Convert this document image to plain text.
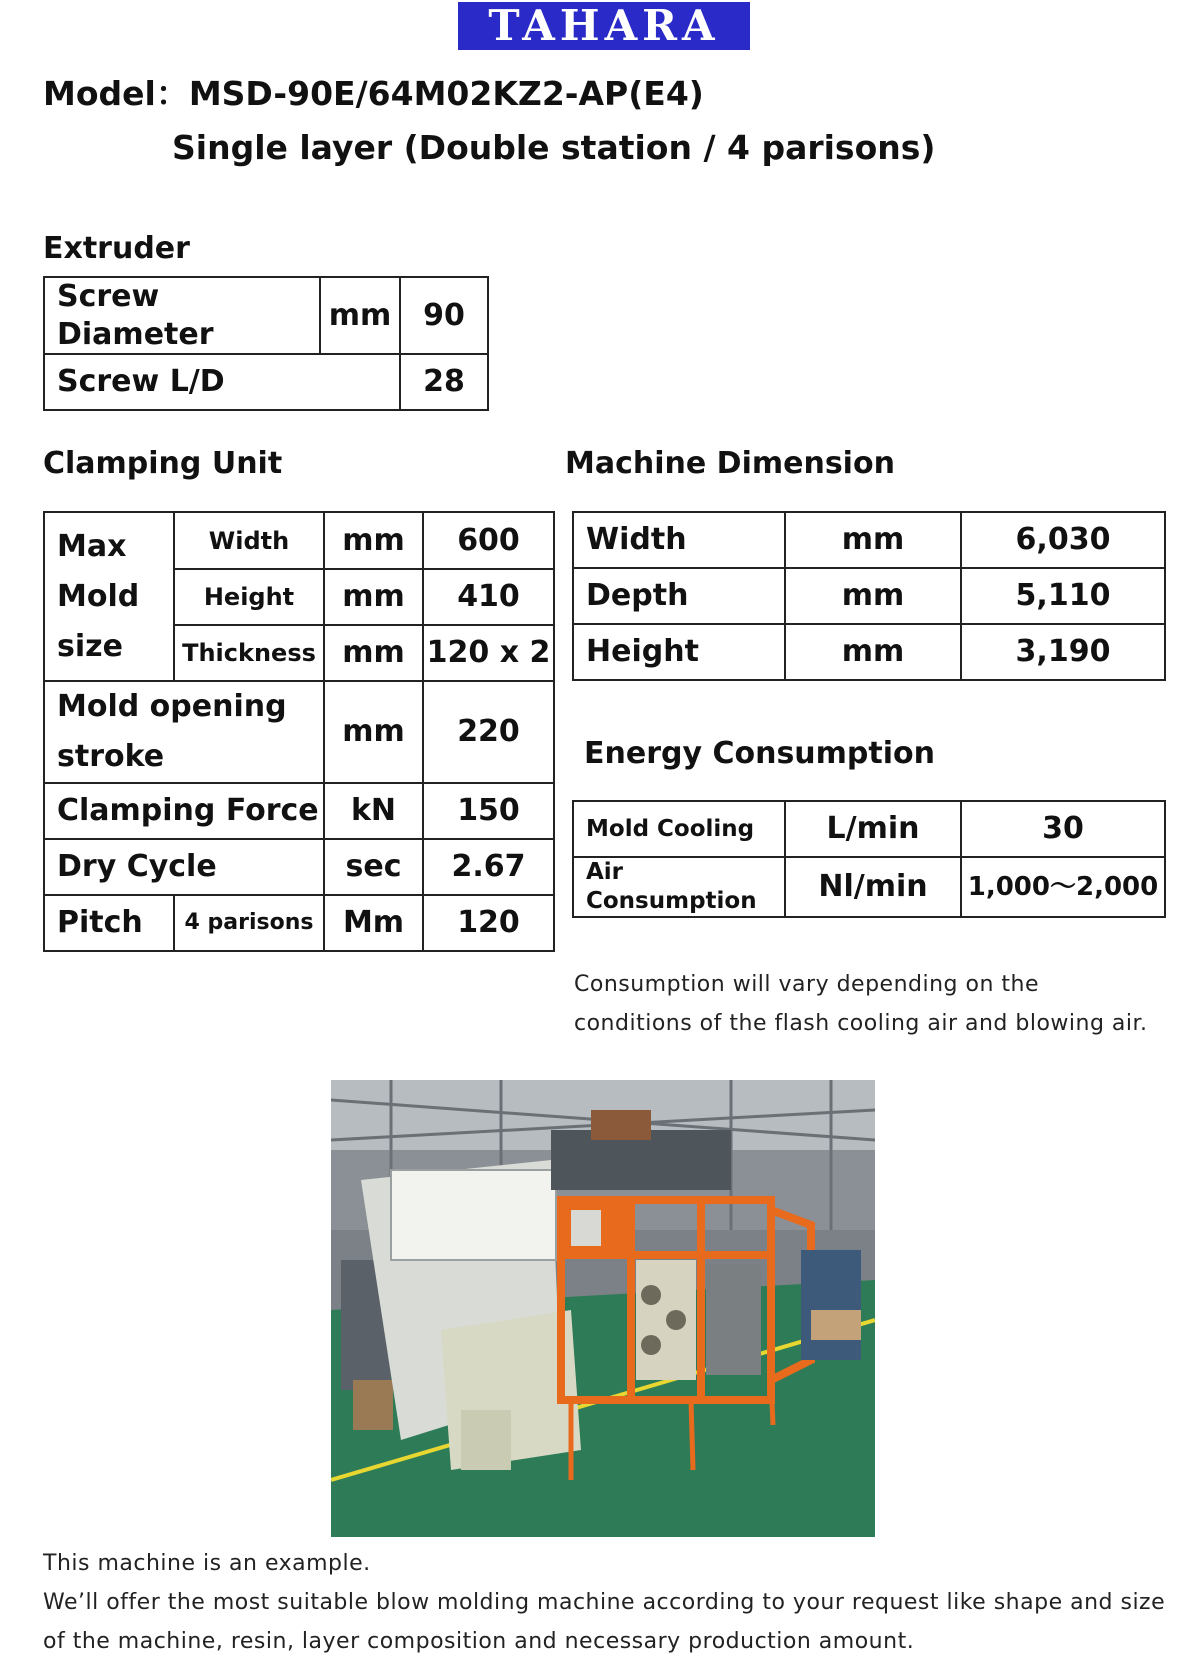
TAHARA
Model：MSD-90E/64M02KZ2-AP(E4)
Single layer (Double station / 4 parisons)
Extruder
Screw Diameter	mm	90
Screw L/D		28
Clamping Unit
Max Mold size	Width	mm	600
	Height	mm	410
	Thickness	mm	120 x 2
Mold opening stroke		mm	220
Clamping Force		kN	150
Dry Cycle		sec	2.67
Pitch	4 parisons	Mm	120
Machine Dimension
Width	mm	6,030
Depth	mm	5,110
Height	mm	3,190
Energy Consumption
Mold Cooling	L/min	30
Air Consumption	Nl/min	1,000～2,000
Consumption will vary depending on the conditions of the flash cooling air and blowing air.
This machine is an example.
We’ll offer the most suitable blow molding machine according to your request like shape and size of the machine, resin, layer composition and necessary production amount.
